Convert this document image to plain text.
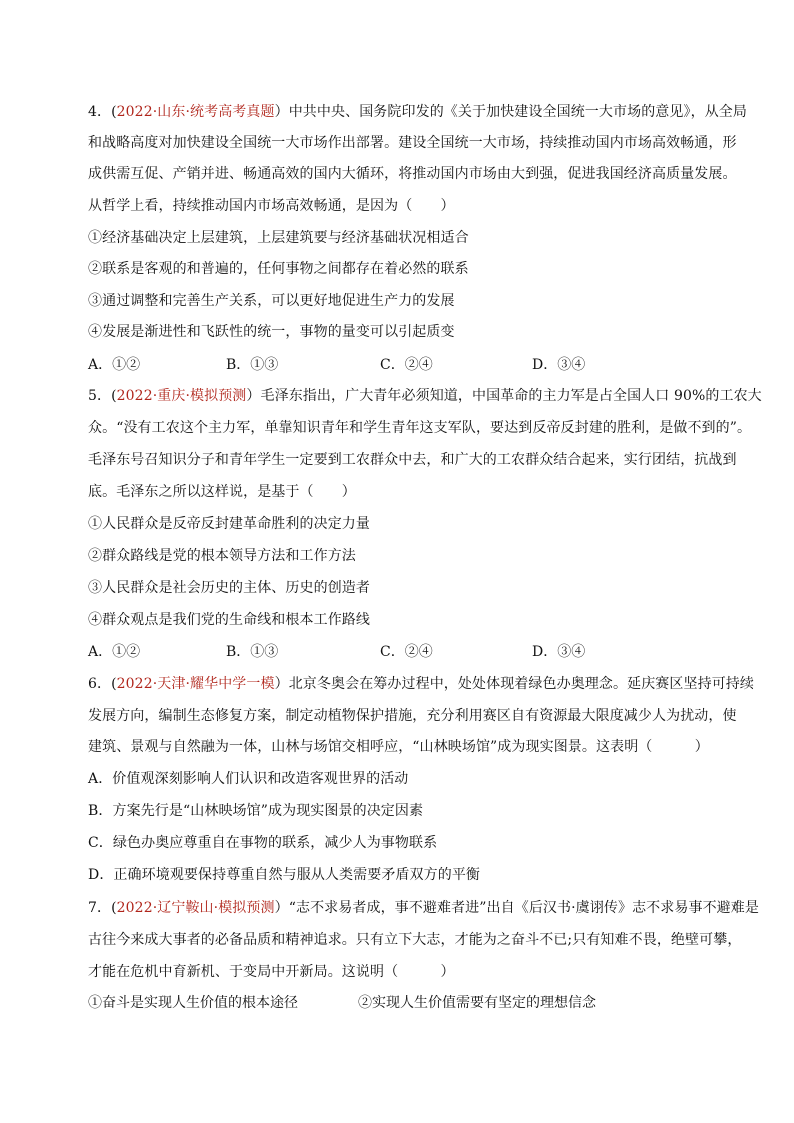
4．(2022·山东·统考高考真题）中共中央、国务院印发的《关于加快建设全国统一大市场的意见》，从全局
和战略高度对加快建设全国统一大市场作出部署。建设全国统一大市场，持续推动国内市场高效畅通，形
成供需互促、产销并进、畅通高效的国内大循环，将推动国内市场由大到强，促进我国经济高质量发展。
从哲学上看，持续推动国内市场高效畅通，是因为（　　）
①经济基础决定上层建筑，上层建筑要与经济基础状况相适合
②联系是客观的和普遍的，任何事物之间都存在着必然的联系
③通过调整和完善生产关系，可以更好地促进生产力的发展
④发展是渐进性和飞跃性的统一，事物的量变可以引起质变
A．①②	B．①③	C．②④	D．③④
5．(2022·重庆·模拟预测）毛泽东指出，广大青年必须知道，中国革命的主力军是占全国人口 90%的工农大
众。“没有工农这个主力军，单靠知识青年和学生青年这支军队，要达到反帝反封建的胜利，是做不到的”。
毛泽东号召知识分子和青年学生一定要到工农群众中去，和广大的工农群众结合起来，实行团结，抗战到
底。毛泽东之所以这样说，是基于（　　）
①人民群众是反帝反封建革命胜利的决定力量
②群众路线是党的根本领导方法和工作方法
③人民群众是社会历史的主体、历史的创造者
④群众观点是我们党的生命线和根本工作路线
A．①②	B．①③	C．②④	D．③④
6．(2022·天津·耀华中学一模）北京冬奥会在筹办过程中，处处体现着绿色办奥理念。延庆赛区坚持可持续
发展方向，编制生态修复方案，制定动植物保护措施，充分利用赛区自有资源最大限度减少人为扰动，使
建筑、景观与自然融为一体，山林与场馆交相呼应，“山林映场馆”成为现实图景。这表明（　　　）
A．价值观深刻影响人们认识和改造客观世界的活动
B．方案先行是“山林映场馆”成为现实图景的决定因素
C．绿色办奥应尊重自在事物的联系，减少人为事物联系
D．正确环境观要保持尊重自然与服从人类需要矛盾双方的平衡
7．(2022·辽宁鞍山·模拟预测）“志不求易者成，事不避难者进”出自《后汉书·虞诩传》志不求易事不避难是
古往今来成大事者的必备品质和精神追求。只有立下大志，才能为之奋斗不已;只有知难不畏，绝壁可攀，
才能在危机中育新机、于变局中开新局。这说明（　　　）
①奋斗是实现人生价值的根本途径	②实现人生价值需要有坚定的理想信念
